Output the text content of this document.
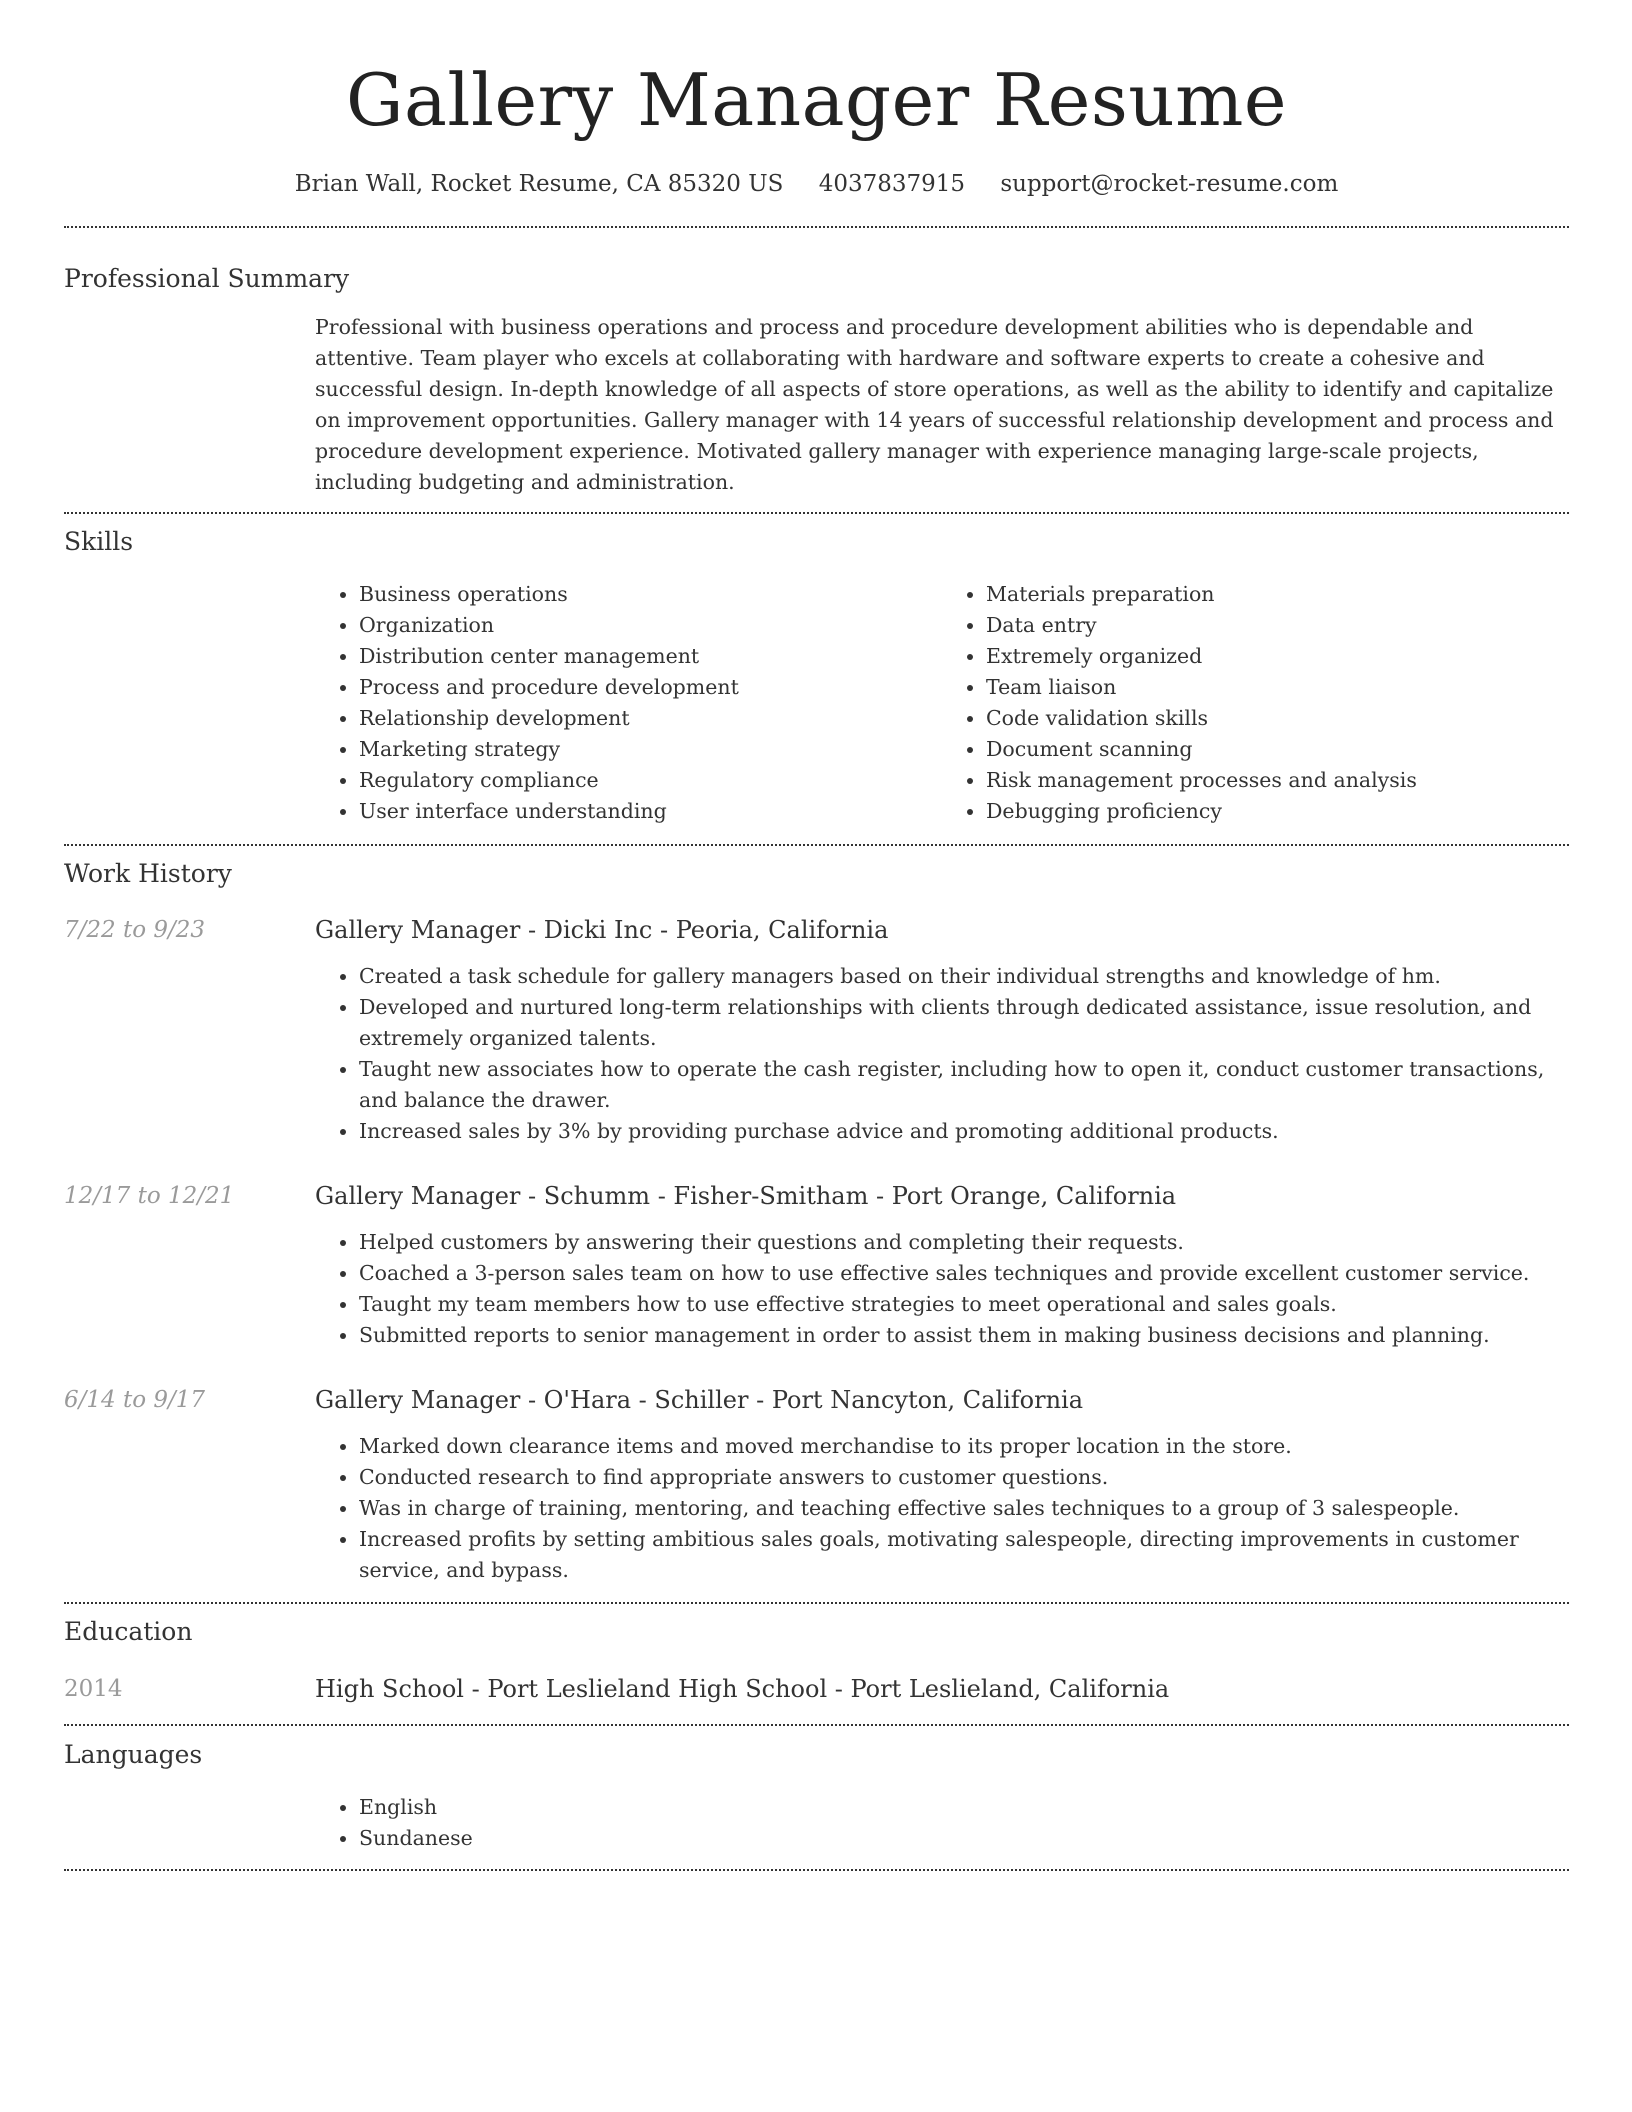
Gallery Manager Resume
Brian Wall, Rocket Resume, CA 85320 US 4037837915 support@rocket-resume.com
Professional Summary
Professional with business operations and process and procedure development abilities who is dependable and attentive. Team player who excels at collaborating with hardware and software experts to create a cohesive and successful design. In-depth knowledge of all aspects of store operations, as well as the ability to identify and capitalize on improvement opportunities. Gallery manager with 14 years of successful relationship development and process and procedure development experience. Motivated gallery manager with experience managing large-scale projects, including budgeting and administration.
Skills
• Business operations
• Organization
• Distribution center management
• Process and procedure development
• Relationship development
• Marketing strategy
• Regulatory compliance
• User interface understanding
• Materials preparation
• Data entry
• Extremely organized
• Team liaison
• Code validation skills
• Document scanning
• Risk management processes and analysis
• Debugging proficiency
Work History
7/22 to 9/23	Gallery Manager - Dicki Inc - Peoria, California
• Created a task schedule for gallery managers based on their individual strengths and knowledge of hm.
• Developed and nurtured long-term relationships with clients through dedicated assistance, issue resolution, and extremely organized talents.
• Taught new associates how to operate the cash register, including how to open it, conduct customer transactions, and balance the drawer.
• Increased sales by 3% by providing purchase advice and promoting additional products.
12/17 to 12/21	Gallery Manager - Schumm - Fisher-Smitham - Port Orange, California
• Helped customers by answering their questions and completing their requests.
• Coached a 3-person sales team on how to use effective sales techniques and provide excellent customer service.
• Taught my team members how to use effective strategies to meet operational and sales goals.
• Submitted reports to senior management in order to assist them in making business decisions and planning.
6/14 to 9/17	Gallery Manager - O'Hara - Schiller - Port Nancyton, California
• Marked down clearance items and moved merchandise to its proper location in the store.
• Conducted research to find appropriate answers to customer questions.
• Was in charge of training, mentoring, and teaching effective sales techniques to a group of 3 salespeople.
• Increased profits by setting ambitious sales goals, motivating salespeople, directing improvements in customer service, and bypass.
Education
2014	High School - Port Leslieland High School - Port Leslieland, California
Languages
• English
• Sundanese
